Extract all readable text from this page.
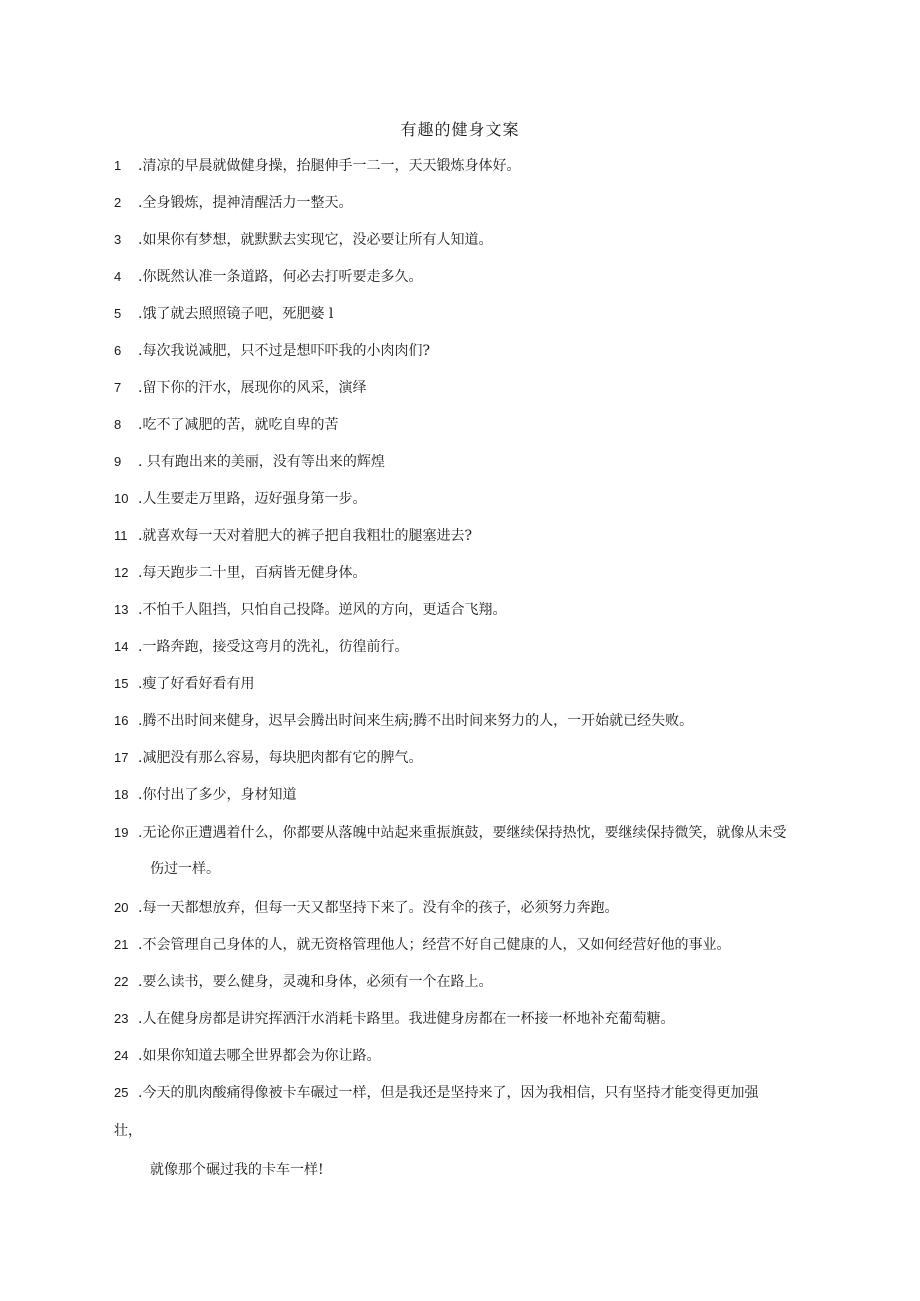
有趣的健身文案
1 .清凉的早晨就做健身操，抬腿伸手一二一，天天锻炼身体好。
2 .全身锻炼，提神清醒活力一整天。
3 .如果你有梦想，就默默去实现它，没必要让所有人知道。
4 .你既然认准一条道路，何必去打听要走多久。
5 .饿了就去照照镜子吧，死肥婆 l
6 .每次我说减肥，只不过是想吓吓我的小肉肉们?
7 .留下你的汗水，展现你的风采，演绎
8 .吃不了减肥的苦，就吃自卑的苦
9 . 只有跑出来的美丽，没有等出来的辉煌
10 .人生要走万里路，迈好强身第一步。
11 .就喜欢每一天对着肥大的裤子把自我粗壮的腿塞进去?
12 .每天跑步二十里，百病皆无健身体。
13 .不怕千人阻挡，只怕自己投降。逆风的方向，更适合飞翔。
14 .一路奔跑，接受这弯月的洗礼，彷徨前行。
15 .瘦了好看好看有用
16 .腾不出时间来健身，迟早会腾出时间来生病;腾不出时间来努力的人，一开始就已经失败。
17 .减肥没有那么容易，每块肥肉都有它的脾气。
18 .你付出了多少，身材知道
19 .无论你正遭遇着什么，你都要从落魄中站起来重振旗鼓，要继续保持热忱，要继续保持微笑，就像从未受
伤过一样。
20 .每一天都想放弃，但每一天又都坚持下来了。没有伞的孩子，必须努力奔跑。
21 .不会管理自己身体的人，就无资格管理他人；经营不好自己健康的人，又如何经营好他的事业。
22 .要么读书，要么健身，灵魂和身体，必须有一个在路上。
23 .人在健身房都是讲究挥洒汗水消耗卡路里。我进健身房都在一杯接一杯地补充葡萄糖。
24 .如果你知道去哪全世界都会为你让路。
25 .今天的肌肉酸痛得像被卡车碾过一样，但是我还是坚持来了，因为我相信，只有坚持才能变得更加强
壮，
就像那个碾过我的卡车一样!
